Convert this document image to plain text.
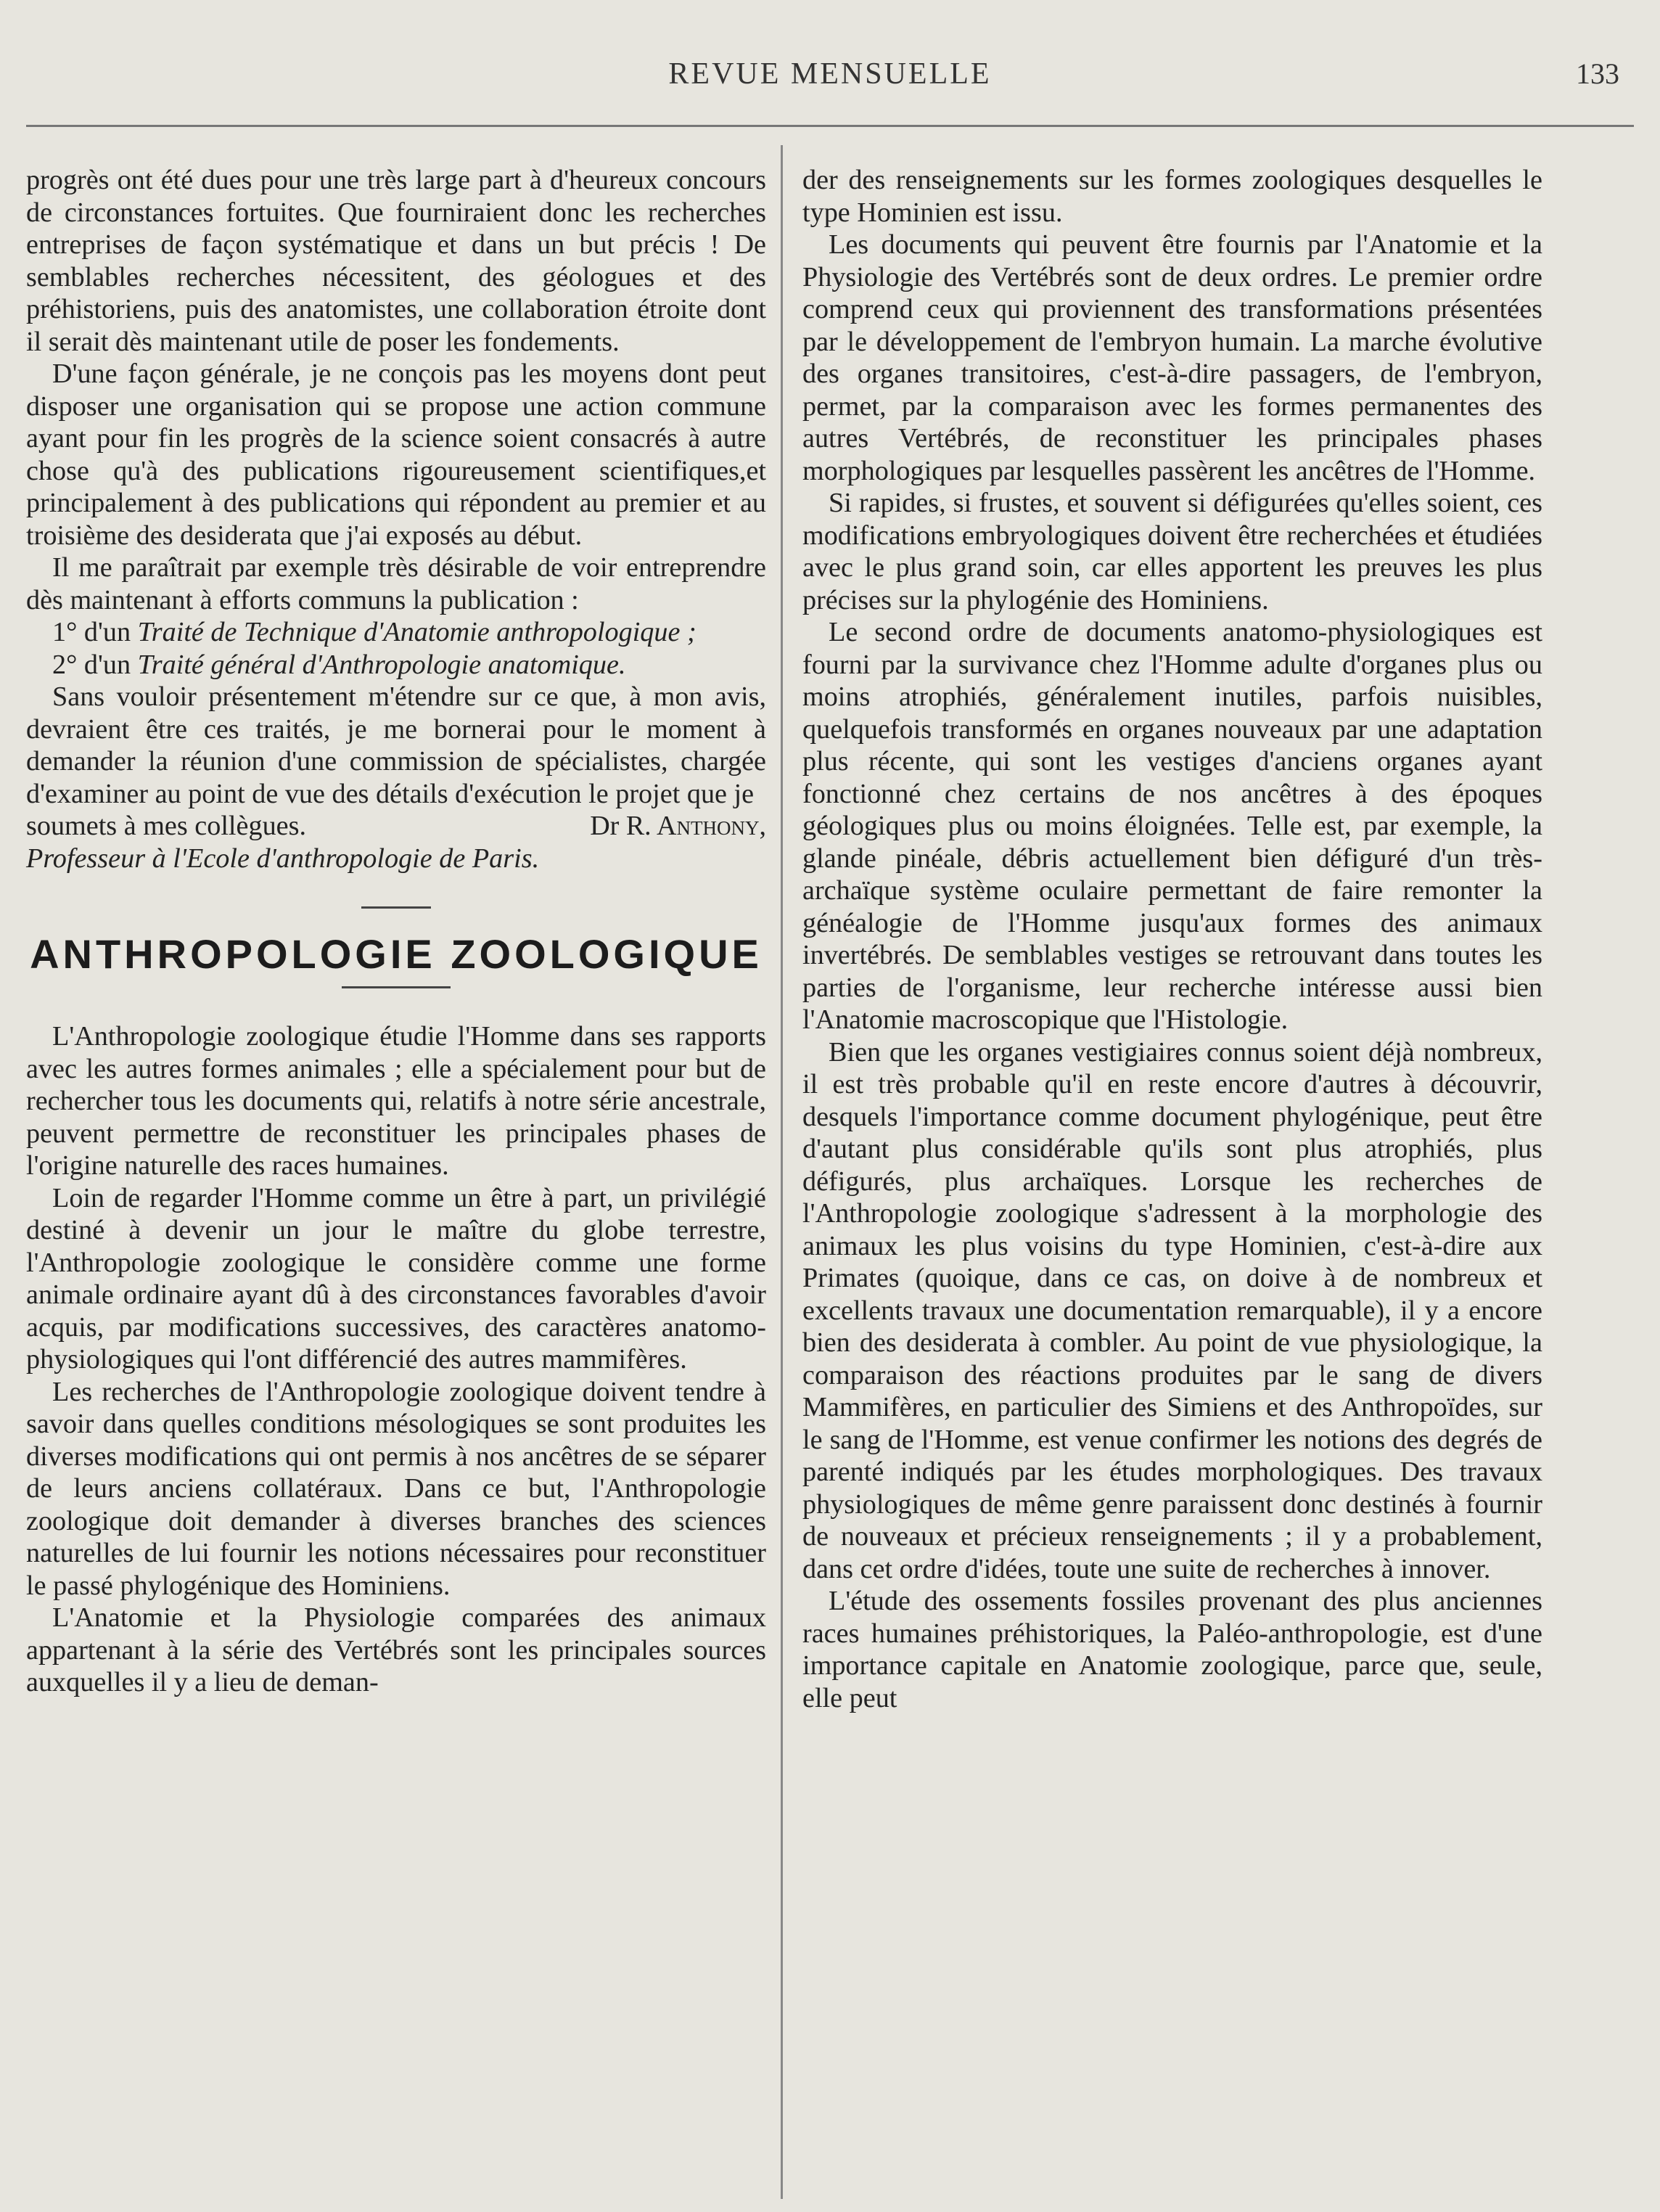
REVUE MENSUELLE	133

progrès ont été dues pour une très large part à d'heureux concours de circonstances fortuites. Que fourniraient donc les recherches entreprises de façon systématique et dans un but précis ! De semblables recherches nécessitent, des géologues et des préhistoriens, puis des anatomistes, une collaboration étroite dont il serait dès maintenant utile de poser les fondements.

D'une façon générale, je ne conçois pas les moyens dont peut disposer une organisation qui se propose une action commune ayant pour fin les progrès de la science soient consacrés à autre chose qu'à des publications rigoureusement scientifiques,et principalement à des publications qui répondent au premier et au troisième des desiderata que j'ai exposés au début.

Il me paraîtrait par exemple très désirable de voir entreprendre dès maintenant à efforts communs la publication :

1° d'un Traité de Technique d'Anatomie anthropologique ;

2° d'un Traité général d'Anthropologie anatomique.

Sans vouloir présentement m'étendre sur ce que, à mon avis, devraient être ces traités, je me bornerai pour le moment à demander la réunion d'une commission de spécialistes, chargée d'examiner au point de vue des détails d'exécution le projet que je

soumets à mes collègues.	Dr R. Anthony,

Professeur à l'Ecole d'anthropologie de Paris.

ANTHROPOLOGIE ZOOLOGIQUE

L'Anthropologie zoologique étudie l'Homme dans ses rapports avec les autres formes animales ; elle a spécialement pour but de rechercher tous les documents qui, relatifs à notre série ancestrale, peuvent permettre de reconstituer les principales phases de l'origine naturelle des races humaines.

Loin de regarder l'Homme comme un être à part, un privilégié destiné à devenir un jour le maître du globe terrestre, l'Anthropologie zoologique le considère comme une forme animale ordinaire ayant dû à des circonstances favorables d'avoir acquis, par modifications successives, des caractères anatomo-physiologiques qui l'ont différencié des autres mammifères.

Les recherches de l'Anthropologie zoologique doivent tendre à savoir dans quelles conditions mésologiques se sont produites les diverses modifications qui ont permis à nos ancêtres de se séparer de leurs anciens collatéraux. Dans ce but, l'Anthropologie zoologique doit demander à diverses branches des sciences naturelles de lui fournir les notions nécessaires pour reconstituer le passé phylogénique des Hominiens.

L'Anatomie et la Physiologie comparées des animaux appartenant à la série des Vertébrés sont les principales sources auxquelles il y a lieu de deman-

der des renseignements sur les formes zoologiques desquelles le type Hominien est issu.

Les documents qui peuvent être fournis par l'Anatomie et la Physiologie des Vertébrés sont de deux ordres. Le premier ordre comprend ceux qui proviennent des transformations présentées par le développement de l'embryon humain. La marche évolutive des organes transitoires, c'est-à-dire passagers, de l'embryon, permet, par la comparaison avec les formes permanentes des autres Vertébrés, de reconstituer les principales phases morphologiques par lesquelles passèrent les ancêtres de l'Homme.

Si rapides, si frustes, et souvent si défigurées qu'elles soient, ces modifications embryologiques doivent être recherchées et étudiées avec le plus grand soin, car elles apportent les preuves les plus précises sur la phylogénie des Hominiens.

Le second ordre de documents anatomo-physiologiques est fourni par la survivance chez l'Homme adulte d'organes plus ou moins atrophiés, généralement inutiles, parfois nuisibles, quelquefois transformés en organes nouveaux par une adaptation plus récente, qui sont les vestiges d'anciens organes ayant fonctionné chez certains de nos ancêtres à des époques géologiques plus ou moins éloignées. Telle est, par exemple, la glande pinéale, débris actuellement bien défiguré d'un très-archaïque système oculaire permettant de faire remonter la généalogie de l'Homme jusqu'aux formes des animaux invertébrés. De semblables vestiges se retrouvant dans toutes les parties de l'organisme, leur recherche intéresse aussi bien l'Anatomie macroscopique que l'Histologie.

Bien que les organes vestigiaires connus soient déjà nombreux, il est très probable qu'il en reste encore d'autres à découvrir, desquels l'importance comme document phylogénique, peut être d'autant plus considérable qu'ils sont plus atrophiés, plus défigurés, plus archaïques. Lorsque les recherches de l'Anthropologie zoologique s'adressent à la morphologie des animaux les plus voisins du type Hominien, c'est-à-dire aux Primates (quoique, dans ce cas, on doive à de nombreux et excellents travaux une documentation remarquable), il y a encore bien des desiderata à combler. Au point de vue physiologique, la comparaison des réactions produites par le sang de divers Mammifères, en particulier des Simiens et des Anthropoïdes, sur le sang de l'Homme, est venue confirmer les notions des degrés de parenté indiqués par les études morphologiques. Des travaux physiologiques de même genre paraissent donc destinés à fournir de nouveaux et précieux renseignements ; il y a probablement, dans cet ordre d'idées, toute une suite de recherches à innover.

L'étude des ossements fossiles provenant des plus anciennes races humaines préhistoriques, la Paléo-anthropologie, est d'une importance capitale en Anatomie zoologique, parce que, seule, elle peut
